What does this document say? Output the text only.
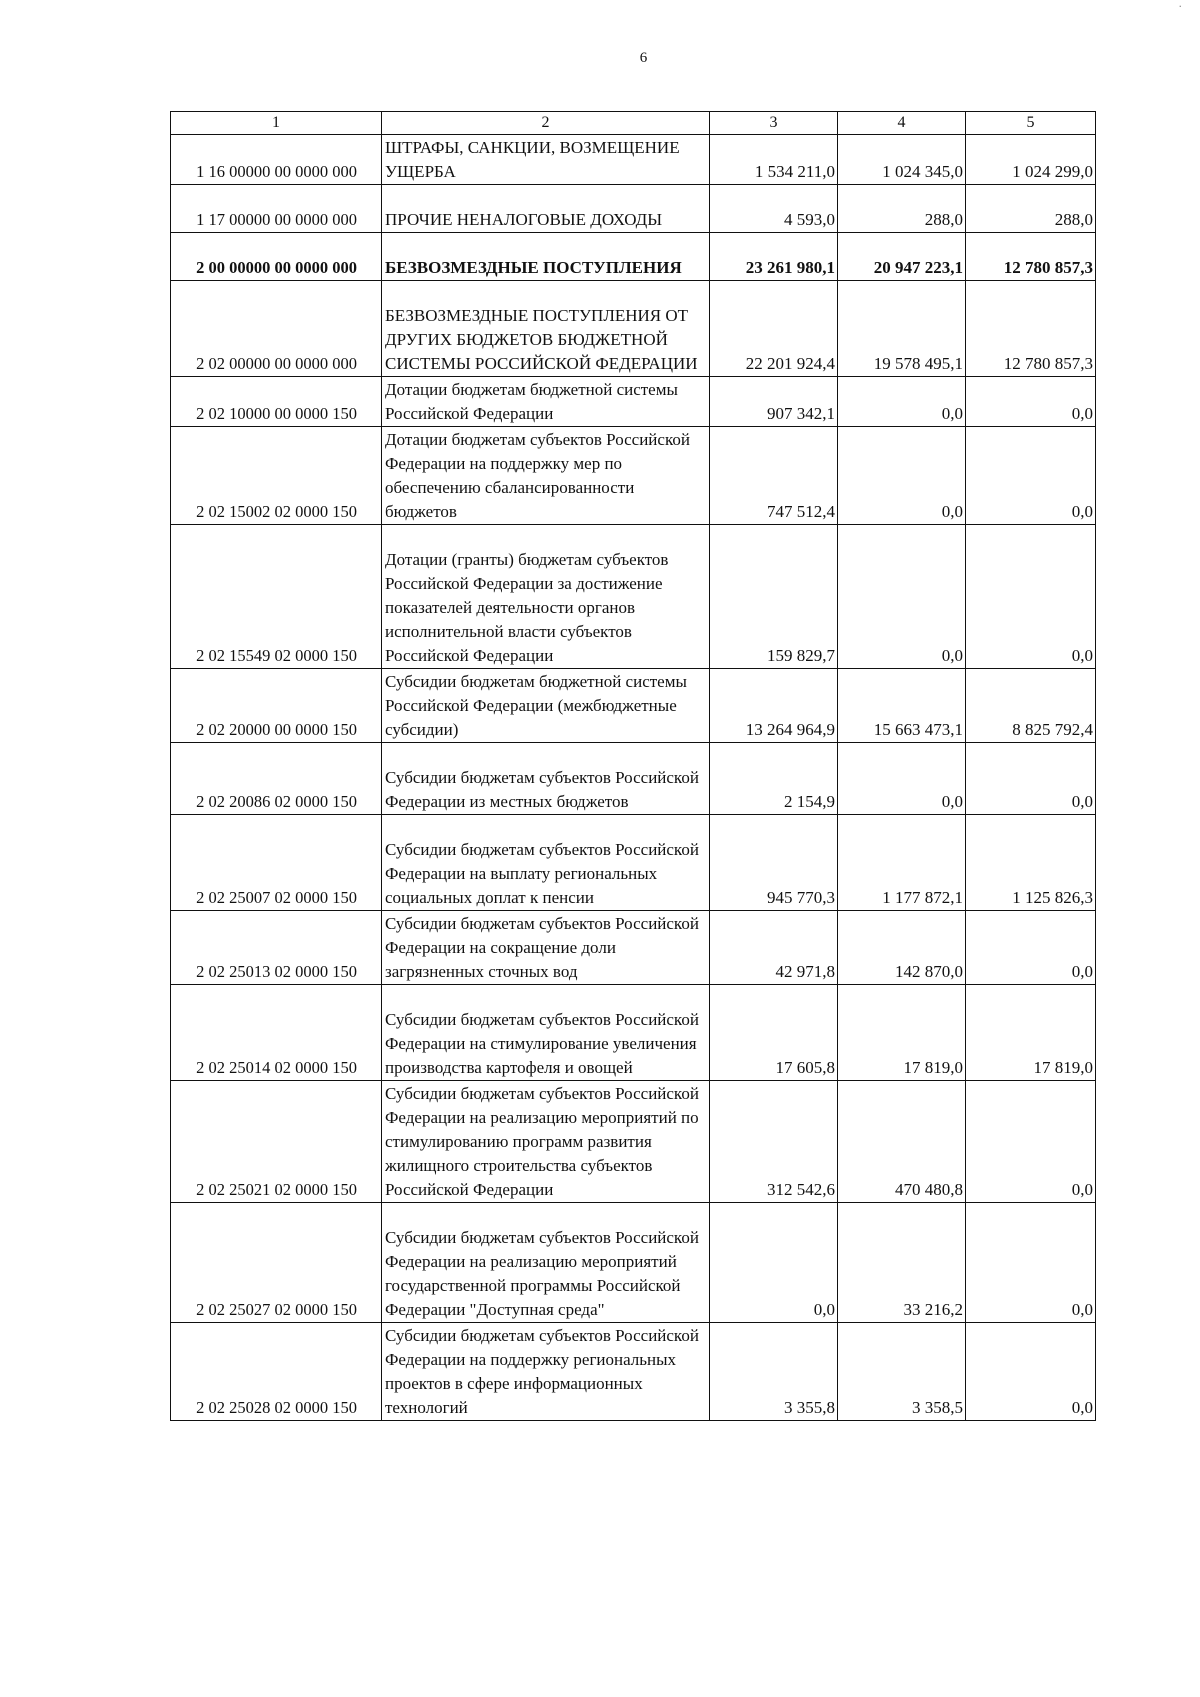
6
1	2	3	4	5
1 16 00000 00 0000 000	ШТРАФЫ, САНКЦИИ, ВОЗМЕЩЕНИЕ УЩЕРБА	1 534 211,0	1 024 345,0	1 024 299,0
1 17 00000 00 0000 000	ПРОЧИЕ НЕНАЛОГОВЫЕ ДОХОДЫ	4 593,0	288,0	288,0
2 00 00000 00 0000 000	БЕЗВОЗМЕЗДНЫЕ ПОСТУПЛЕНИЯ	23 261 980,1	20 947 223,1	12 780 857,3
2 02 00000 00 0000 000	БЕЗВОЗМЕЗДНЫЕ ПОСТУПЛЕНИЯ ОТ ДРУГИХ БЮДЖЕТОВ БЮДЖЕТНОЙ СИСТЕМЫ РОССИЙСКОЙ ФЕДЕРАЦИИ	22 201 924,4	19 578 495,1	12 780 857,3
2 02 10000 00 0000 150	Дотации бюджетам бюджетной системы Российской Федерации	907 342,1	0,0	0,0
2 02 15002 02 0000 150	Дотации бюджетам субъектов Российской Федерации на поддержку мер по обеспечению сбалансированности бюджетов	747 512,4	0,0	0,0
2 02 15549 02 0000 150	Дотации (гранты) бюджетам субъектов Российской Федерации за достижение показателей деятельности органов исполнительной власти субъектов Российской Федерации	159 829,7	0,0	0,0
2 02 20000 00 0000 150	Субсидии бюджетам бюджетной системы Российской Федерации (межбюджетные субсидии)	13 264 964,9	15 663 473,1	8 825 792,4
2 02 20086 02 0000 150	Субсидии бюджетам субъектов Российской Федерации из местных бюджетов	2 154,9	0,0	0,0
2 02 25007 02 0000 150	Субсидии бюджетам субъектов Российской Федерации на выплату региональных социальных доплат к пенсии	945 770,3	1 177 872,1	1 125 826,3
2 02 25013 02 0000 150	Субсидии бюджетам субъектов Российской Федерации на сокращение доли загрязненных сточных вод	42 971,8	142 870,0	0,0
2 02 25014 02 0000 150	Субсидии бюджетам субъектов Российской Федерации на стимулирование увеличения производства картофеля и овощей	17 605,8	17 819,0	17 819,0
2 02 25021 02 0000 150	Субсидии бюджетам субъектов Российской Федерации на реализацию мероприятий по стимулированию программ развития жилищного строительства субъектов Российской Федерации	312 542,6	470 480,8	0,0
2 02 25027 02 0000 150	Субсидии бюджетам субъектов Российской Федерации на реализацию мероприятий государственной программы Российской Федерации "Доступная среда"	0,0	33 216,2	0,0
2 02 25028 02 0000 150	Субсидии бюджетам субъектов Российской Федерации на поддержку региональных проектов в сфере информационных технологий	3 355,8	3 358,5	0,0
·
